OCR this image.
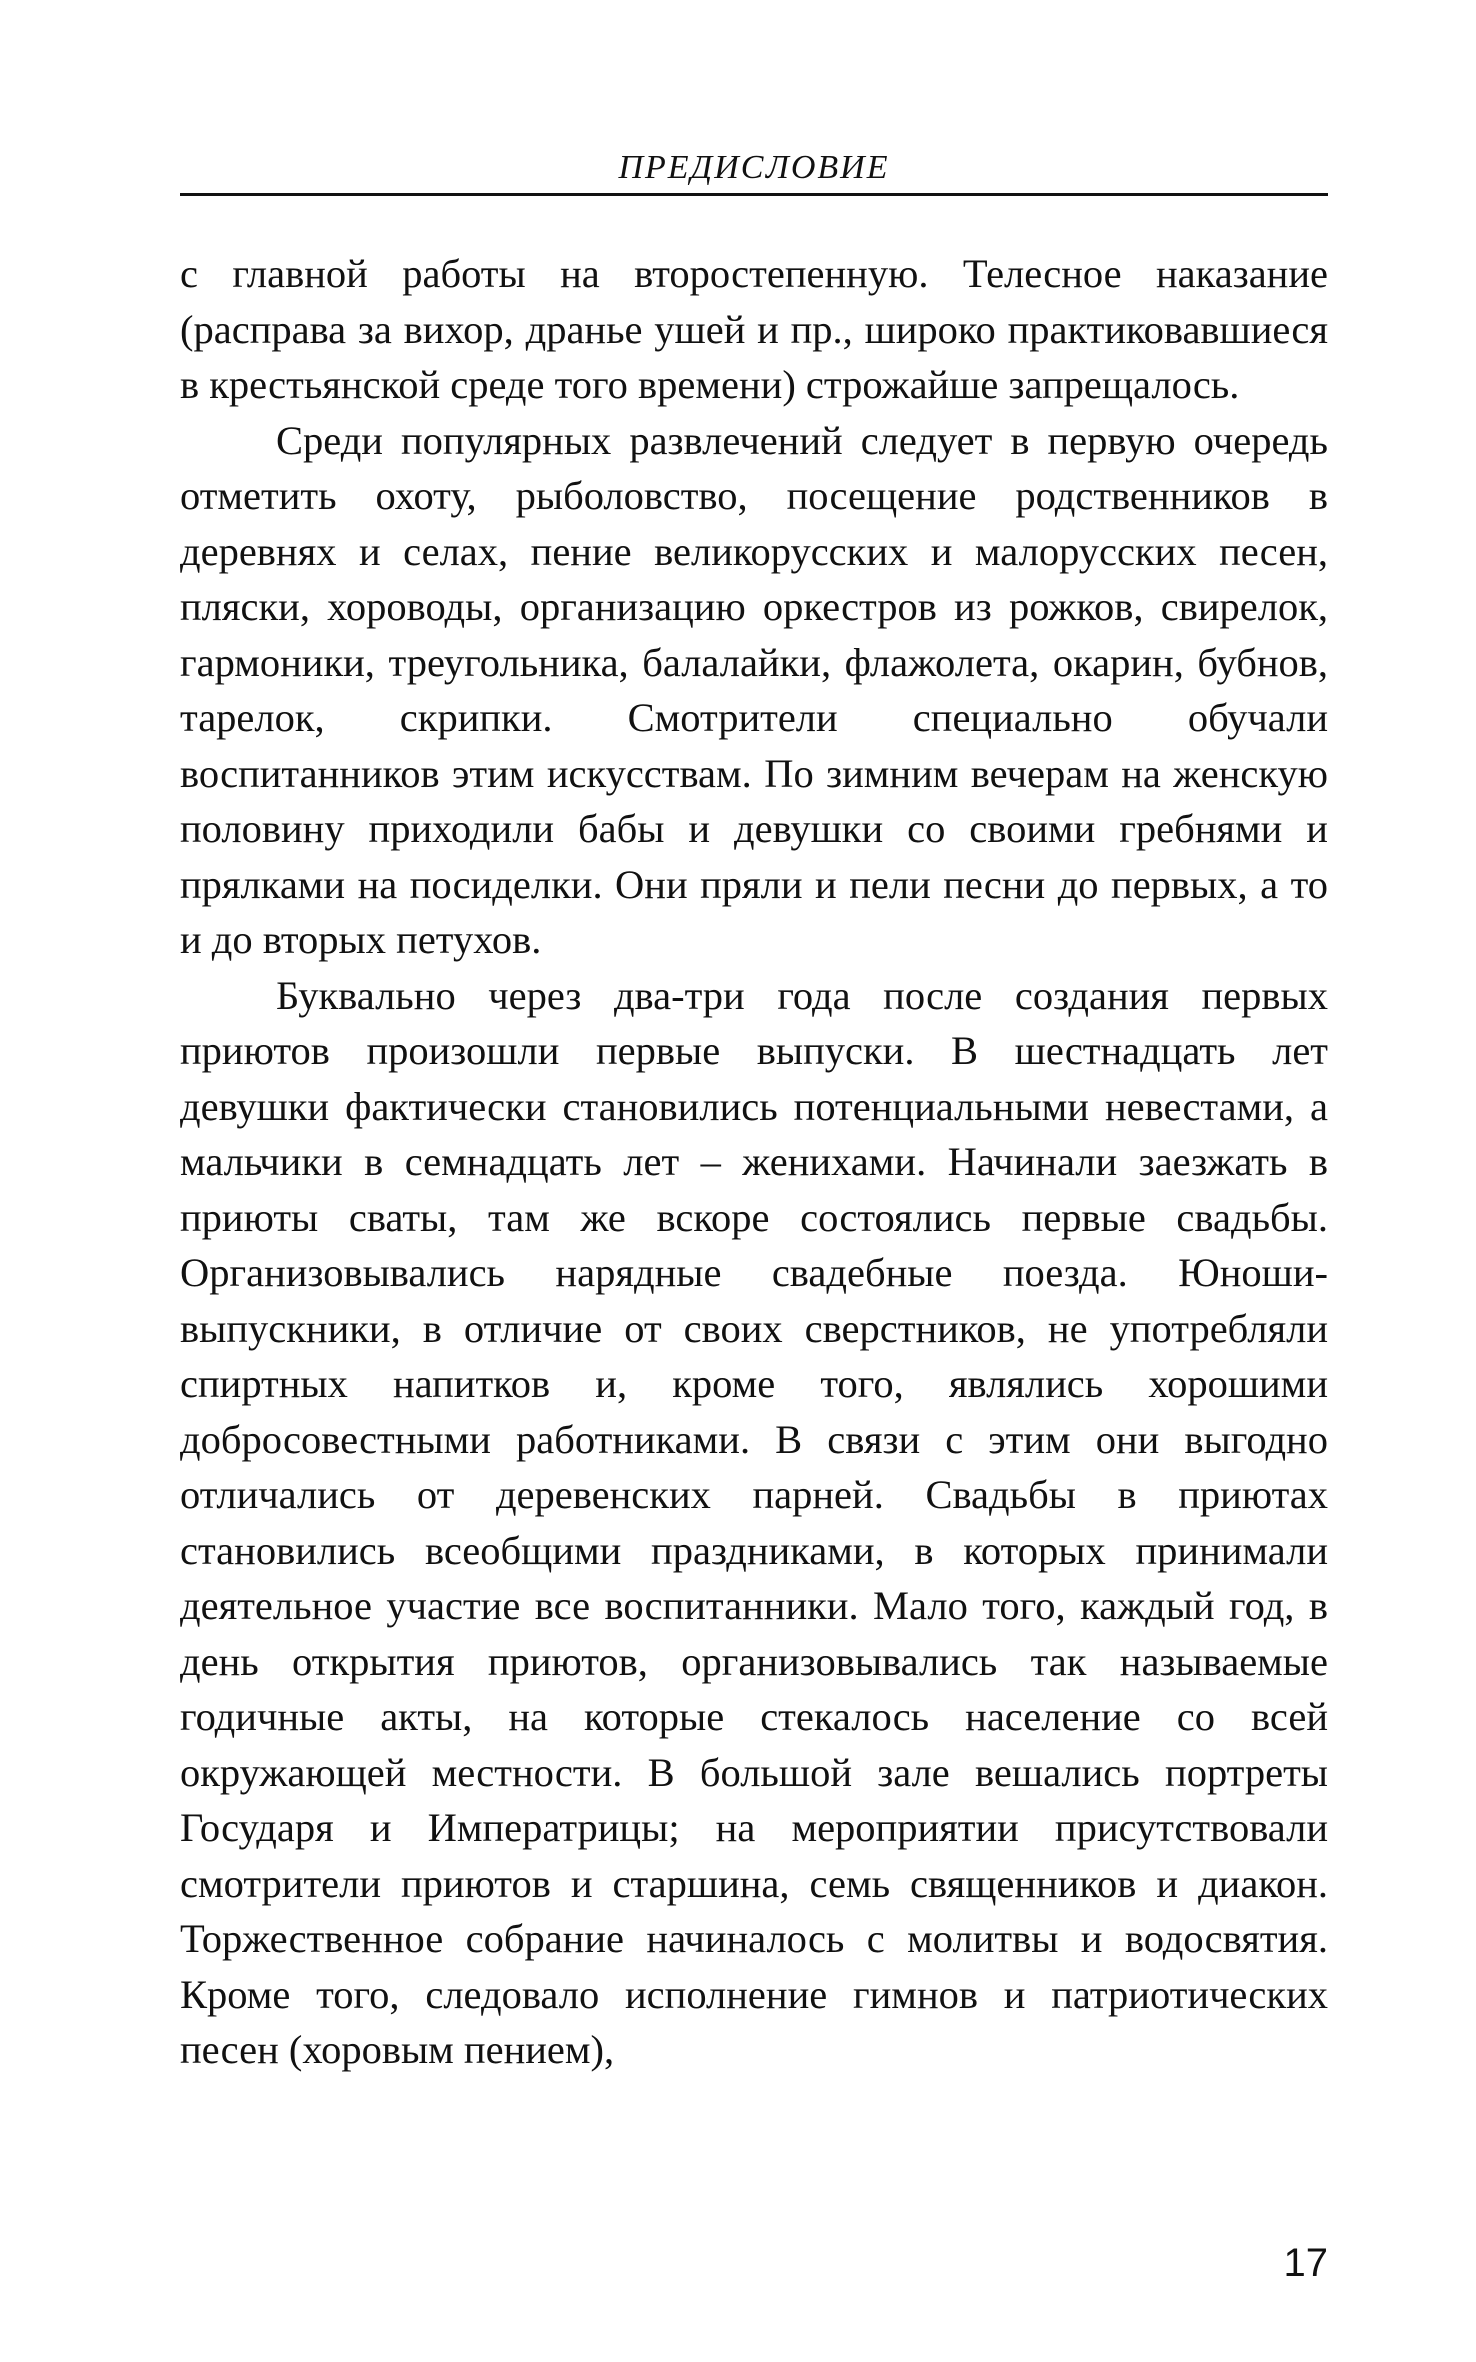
ПРЕДИСЛОВИЕ

с главной работы на второстепенную. Телесное наказание (расправа за вихор, дранье ушей и пр., широко практиковавшиеся в крестьянской среде того времени) строжайше запрещалось.

Среди популярных развлечений следует в первую очередь отметить охоту, рыболовство, посещение родственников в деревнях и селах, пение великорусских и малорусских песен, пляски, хороводы, организацию оркестров из рожков, свирелок, гармоники, треугольника, балалайки, флажолета, окарин, бубнов, тарелок, скрипки. Смотрители специально обучали воспитанников этим искусствам. По зимним вечерам на женскую половину приходили бабы и девушки со своими гребнями и прялками на посиделки. Они пряли и пели песни до первых, а то и до вторых петухов.

Буквально через два-три года после создания первых приютов произошли первые выпуски. В шестнадцать лет девушки фактически становились потенциальными невестами, а мальчики в семнадцать лет – женихами. Начинали заезжать в приюты сваты, там же вскоре состоялись первые свадьбы. Организовывались нарядные свадебные поезда. Юноши-выпускники, в отличие от своих сверстников, не употребляли спиртных напитков и, кроме того, являлись хорошими добросовестными работниками. В связи с этим они выгодно отличались от деревенских парней. Свадьбы в приютах становились всеобщими праздниками, в которых принимали деятельное участие все воспитанники. Мало того, каждый год, в день открытия приютов, организовывались так называемые годичные акты, на которые стекалось население со всей окружающей местности. В большой зале вешались портреты Государя и Императрицы; на мероприятии присутствовали смотрители приютов и старшина, семь священников и диакон. Торжественное собрание начиналось с молитвы и водосвятия. Кроме того, следовало исполнение гимнов и патриотических песен (хоровым пением),

17
